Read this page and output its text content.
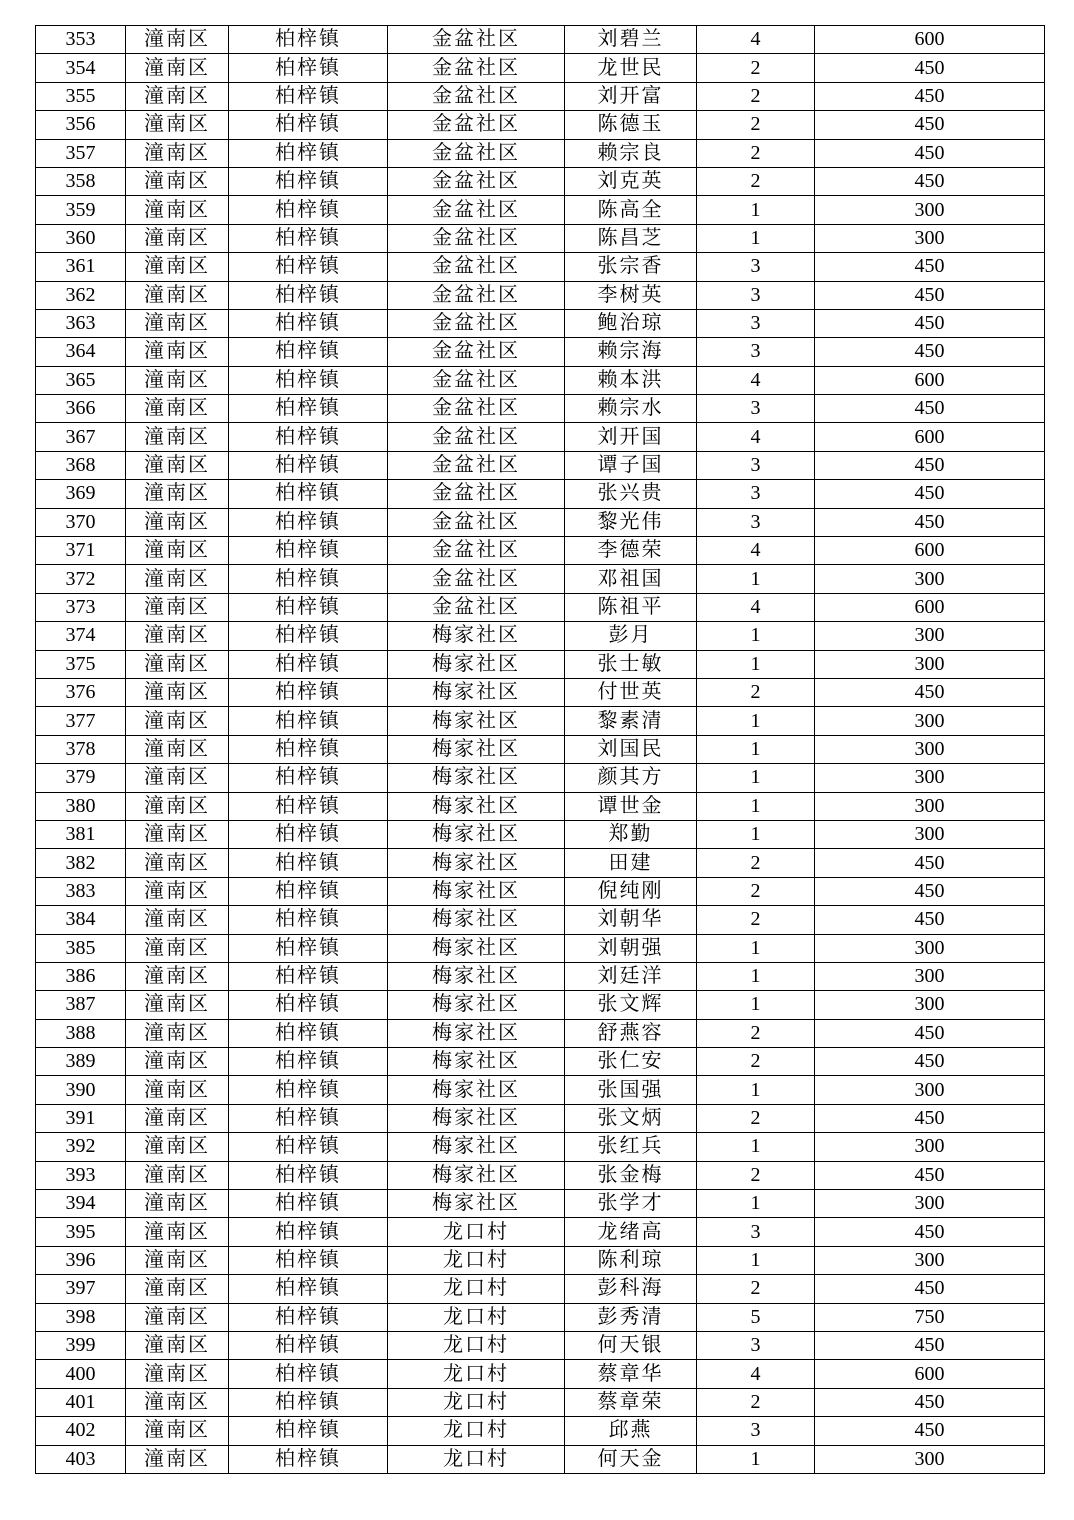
353	潼南区	柏梓镇	金盆社区	刘碧兰	4	600
354	潼南区	柏梓镇	金盆社区	龙世民	2	450
355	潼南区	柏梓镇	金盆社区	刘开富	2	450
356	潼南区	柏梓镇	金盆社区	陈德玉	2	450
357	潼南区	柏梓镇	金盆社区	赖宗良	2	450
358	潼南区	柏梓镇	金盆社区	刘克英	2	450
359	潼南区	柏梓镇	金盆社区	陈高全	1	300
360	潼南区	柏梓镇	金盆社区	陈昌芝	1	300
361	潼南区	柏梓镇	金盆社区	张宗香	3	450
362	潼南区	柏梓镇	金盆社区	李树英	3	450
363	潼南区	柏梓镇	金盆社区	鲍治琼	3	450
364	潼南区	柏梓镇	金盆社区	赖宗海	3	450
365	潼南区	柏梓镇	金盆社区	赖本洪	4	600
366	潼南区	柏梓镇	金盆社区	赖宗水	3	450
367	潼南区	柏梓镇	金盆社区	刘开国	4	600
368	潼南区	柏梓镇	金盆社区	谭子国	3	450
369	潼南区	柏梓镇	金盆社区	张兴贵	3	450
370	潼南区	柏梓镇	金盆社区	黎光伟	3	450
371	潼南区	柏梓镇	金盆社区	李德荣	4	600
372	潼南区	柏梓镇	金盆社区	邓祖国	1	300
373	潼南区	柏梓镇	金盆社区	陈祖平	4	600
374	潼南区	柏梓镇	梅家社区	彭月	1	300
375	潼南区	柏梓镇	梅家社区	张士敏	1	300
376	潼南区	柏梓镇	梅家社区	付世英	2	450
377	潼南区	柏梓镇	梅家社区	黎素清	1	300
378	潼南区	柏梓镇	梅家社区	刘国民	1	300
379	潼南区	柏梓镇	梅家社区	颜其方	1	300
380	潼南区	柏梓镇	梅家社区	谭世金	1	300
381	潼南区	柏梓镇	梅家社区	郑勤	1	300
382	潼南区	柏梓镇	梅家社区	田建	2	450
383	潼南区	柏梓镇	梅家社区	倪纯刚	2	450
384	潼南区	柏梓镇	梅家社区	刘朝华	2	450
385	潼南区	柏梓镇	梅家社区	刘朝强	1	300
386	潼南区	柏梓镇	梅家社区	刘廷洋	1	300
387	潼南区	柏梓镇	梅家社区	张文辉	1	300
388	潼南区	柏梓镇	梅家社区	舒燕容	2	450
389	潼南区	柏梓镇	梅家社区	张仁安	2	450
390	潼南区	柏梓镇	梅家社区	张国强	1	300
391	潼南区	柏梓镇	梅家社区	张文炳	2	450
392	潼南区	柏梓镇	梅家社区	张红兵	1	300
393	潼南区	柏梓镇	梅家社区	张金梅	2	450
394	潼南区	柏梓镇	梅家社区	张学才	1	300
395	潼南区	柏梓镇	龙口村	龙绪高	3	450
396	潼南区	柏梓镇	龙口村	陈利琼	1	300
397	潼南区	柏梓镇	龙口村	彭科海	2	450
398	潼南区	柏梓镇	龙口村	彭秀清	5	750
399	潼南区	柏梓镇	龙口村	何天银	3	450
400	潼南区	柏梓镇	龙口村	蔡章华	4	600
401	潼南区	柏梓镇	龙口村	蔡章荣	2	450
402	潼南区	柏梓镇	龙口村	邱燕	3	450
403	潼南区	柏梓镇	龙口村	何天金	1	300
